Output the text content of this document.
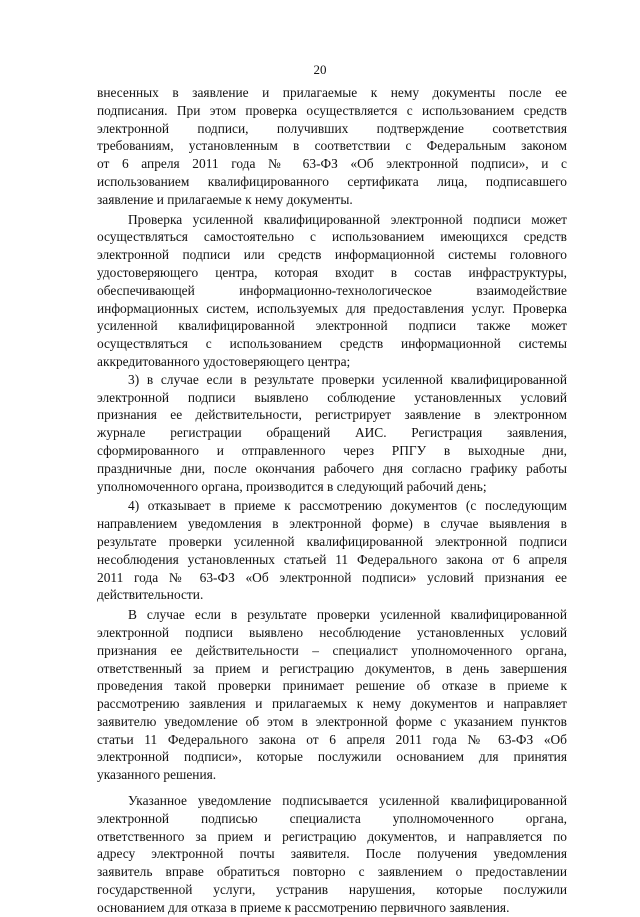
20

внесенных в заявление и прилагаемые к нему документы после ее
подписания. При этом проверка осуществляется с использованием средств
электронной подписи, получивших подтверждение соответствия
требованиям, установленным в соответствии с Федеральным законом
от 6 апреля 2011 года № 63-ФЗ «Об электронной подписи», и с
использованием квалифицированного сертификата лица, подписавшего
заявление и прилагаемые к нему документы.

Проверка усиленной квалифицированной электронной подписи может
осуществляться самостоятельно с использованием имеющихся средств
электронной подписи или средств информационной системы головного
удостоверяющего центра, которая входит в состав инфраструктуры,
обеспечивающей информационно-технологическое взаимодействие
информационных систем, используемых для предоставления услуг. Проверка
усиленной квалифицированной электронной подписи также может
осуществляться с использованием средств информационной системы
аккредитованного удостоверяющего центра;

3) в случае если в результате проверки усиленной квалифицированной
электронной подписи выявлено соблюдение установленных условий
признания ее действительности, регистрирует заявление в электронном
журнале регистрации обращений АИС. Регистрация заявления,
сформированного и отправленного через РПГУ в выходные дни,
праздничные дни, после окончания рабочего дня согласно графику работы
уполномоченного органа, производится в следующий рабочий день;

4) отказывает в приеме к рассмотрению документов (с последующим
направлением уведомления в электронной форме) в случае выявления в
результате проверки усиленной квалифицированной электронной подписи
несоблюдения установленных статьей 11 Федерального закона от 6 апреля
2011 года № 63-ФЗ «Об электронной подписи» условий признания ее
действительности.

В случае если в результате проверки усиленной квалифицированной
электронной подписи выявлено несоблюдение установленных условий
признания ее действительности – специалист уполномоченного органа,
ответственный за прием и регистрацию документов, в день завершения
проведения такой проверки принимает решение об отказе в приеме к
рассмотрению заявления и прилагаемых к нему документов и направляет
заявителю уведомление об этом в электронной форме с указанием пунктов
статьи 11 Федерального закона от 6 апреля 2011 года № 63-ФЗ «Об
электронной подписи», которые послужили основанием для принятия
указанного решения.

Указанное уведомление подписывается усиленной квалифицированной
электронной подписью специалиста уполномоченного органа,
ответственного за прием и регистрацию документов, и направляется по
адресу электронной почты заявителя. После получения уведомления
заявитель вправе обратиться повторно с заявлением о предоставлении
государственной услуги, устранив нарушения, которые послужили
основанием для отказа в приеме к рассмотрению первичного заявления.
